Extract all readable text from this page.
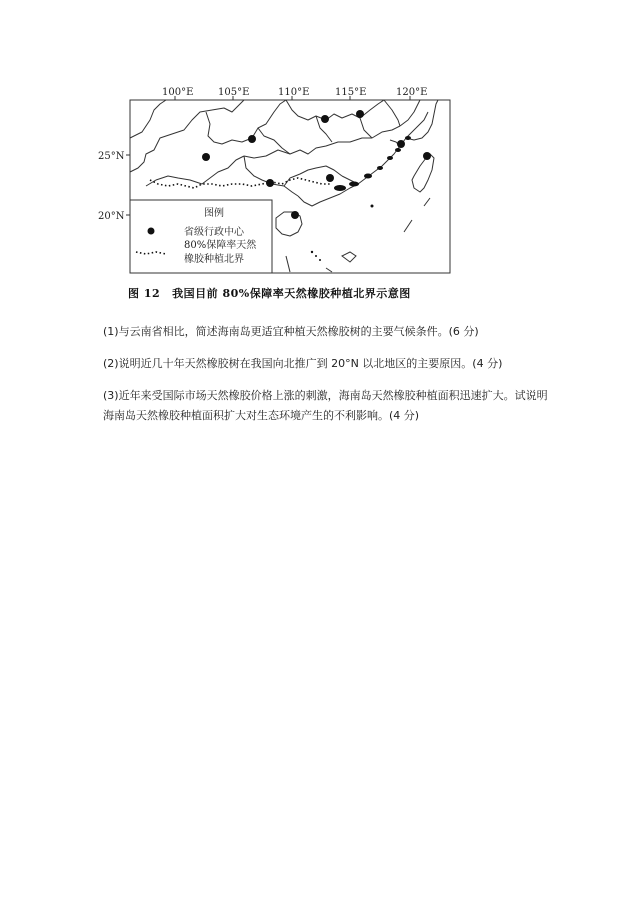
100°E 105°E	110°E	115°E	120°E
25°N
20°N	图例
省级行政中心
80%保障率天然
橡胶种植北界
图 12 我国目前 80%保障率天然橡胶种植北界示意图
(1)与云南省相比，简述海南岛更适宜种植天然橡胶树的主要气候条件。(6 分)
(2)说明近几十年天然橡胶树在我国向北推广到 20°N 以北地区的主要原因。(4 分)
(3)近年来受国际市场天然橡胶价格上涨的刺激，海南岛天然橡胶种植面积迅速扩大。试说明海南岛天然橡胶种植面积扩大对生态环境产生的不利影响。(4 分)
